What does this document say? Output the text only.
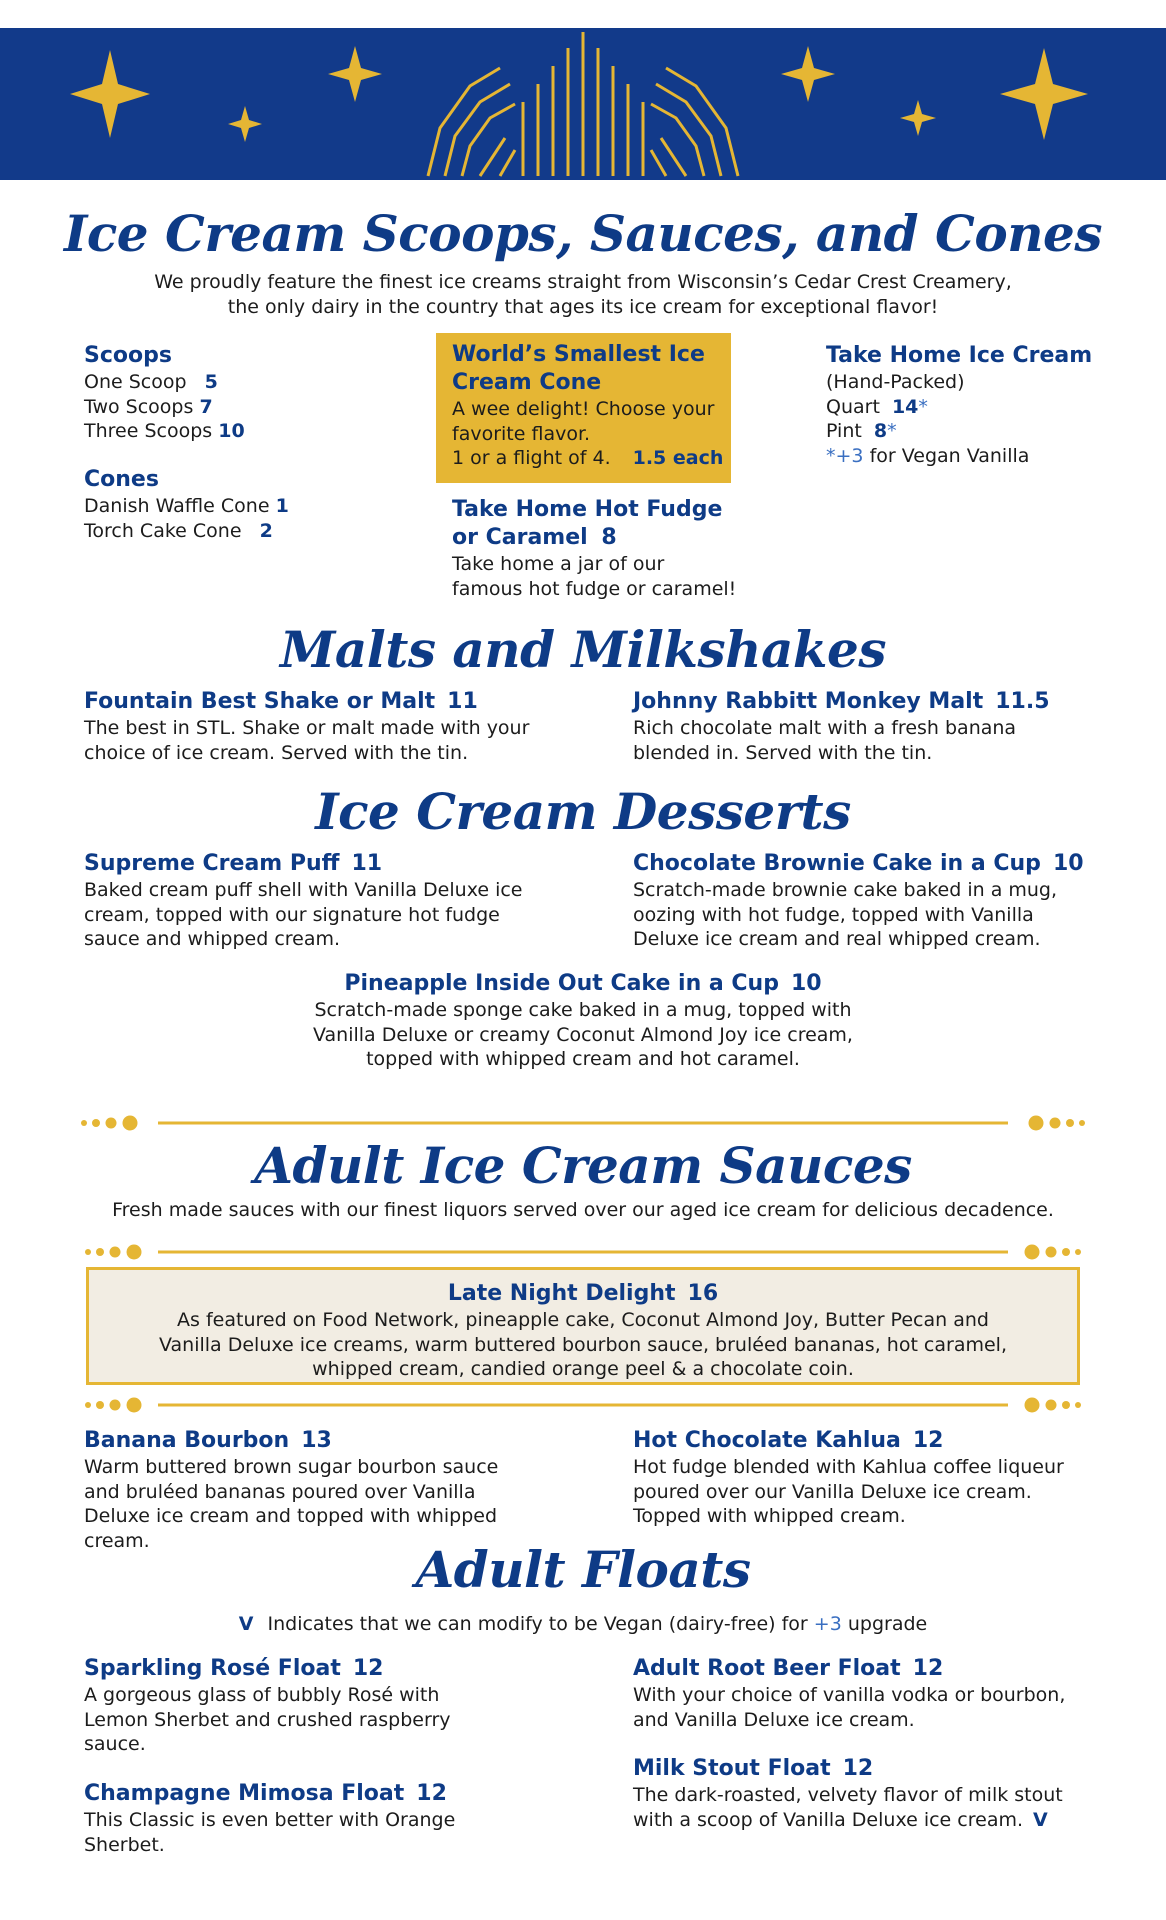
Ice Cream Scoops, Sauces, and Cones
We proudly feature the finest ice creams straight from Wisconsin’s Cedar Crest Creamery,
the only dairy in the country that ages its ice cream for exceptional flavor!
Scoops
One Scoop 5
Two Scoops 7
Three Scoops 10
Cones
Danish Waffle Cone 1
Torch Cake Cone 2
World’s Smallest Ice
Cream Cone
A wee delight! Choose your
favorite flavor.
1 or a flight of 4. 1.5 each
Take Home Hot Fudge
or Caramel 8
Take home a jar of our
famous hot fudge or caramel!
Take Home Ice Cream
(Hand-Packed)
Quart 14*
Pint 8*
*+3 for Vegan Vanilla
Malts and Milkshakes
Fountain Best Shake or Malt 11
The best in STL. Shake or malt made with your
choice of ice cream. Served with the tin.
Johnny Rabbitt Monkey Malt 11.5
Rich chocolate malt with a fresh banana
blended in. Served with the tin.
Ice Cream Desserts
Supreme Cream Puff 11
Baked cream puff shell with Vanilla Deluxe ice
cream, topped with our signature hot fudge
sauce and whipped cream.
Chocolate Brownie Cake in a Cup 10
Scratch-made brownie cake baked in a mug,
oozing with hot fudge, topped with Vanilla
Deluxe ice cream and real whipped cream.
Pineapple Inside Out Cake in a Cup 10
Scratch-made sponge cake baked in a mug, topped with
Vanilla Deluxe or creamy Coconut Almond Joy ice cream,
topped with whipped cream and hot caramel.
Adult Ice Cream Sauces
Fresh made sauces with our finest liquors served over our aged ice cream for delicious decadence.
Late Night Delight 16
As featured on Food Network, pineapple cake, Coconut Almond Joy, Butter Pecan and
Vanilla Deluxe ice creams, warm buttered bourbon sauce, bruléed bananas, hot caramel,
whipped cream, candied orange peel & a chocolate coin.
Banana Bourbon 13
Warm buttered brown sugar bourbon sauce
and bruléed bananas poured over Vanilla
Deluxe ice cream and topped with whipped
cream.
Hot Chocolate Kahlua 12
Hot fudge blended with Kahlua coffee liqueur
poured over our Vanilla Deluxe ice cream.
Topped with whipped cream.
Adult Floats
V Indicates that we can modify to be Vegan (dairy-free) for +3 upgrade
Sparkling Rosé Float 12
A gorgeous glass of bubbly Rosé with
Lemon Sherbet and crushed raspberry
sauce.
Champagne Mimosa Float 12
This Classic is even better with Orange
Sherbet.
Adult Root Beer Float 12
With your choice of vanilla vodka or bourbon,
and Vanilla Deluxe ice cream.
Milk Stout Float 12
The dark-roasted, velvety flavor of milk stout
with a scoop of Vanilla Deluxe ice cream. V
